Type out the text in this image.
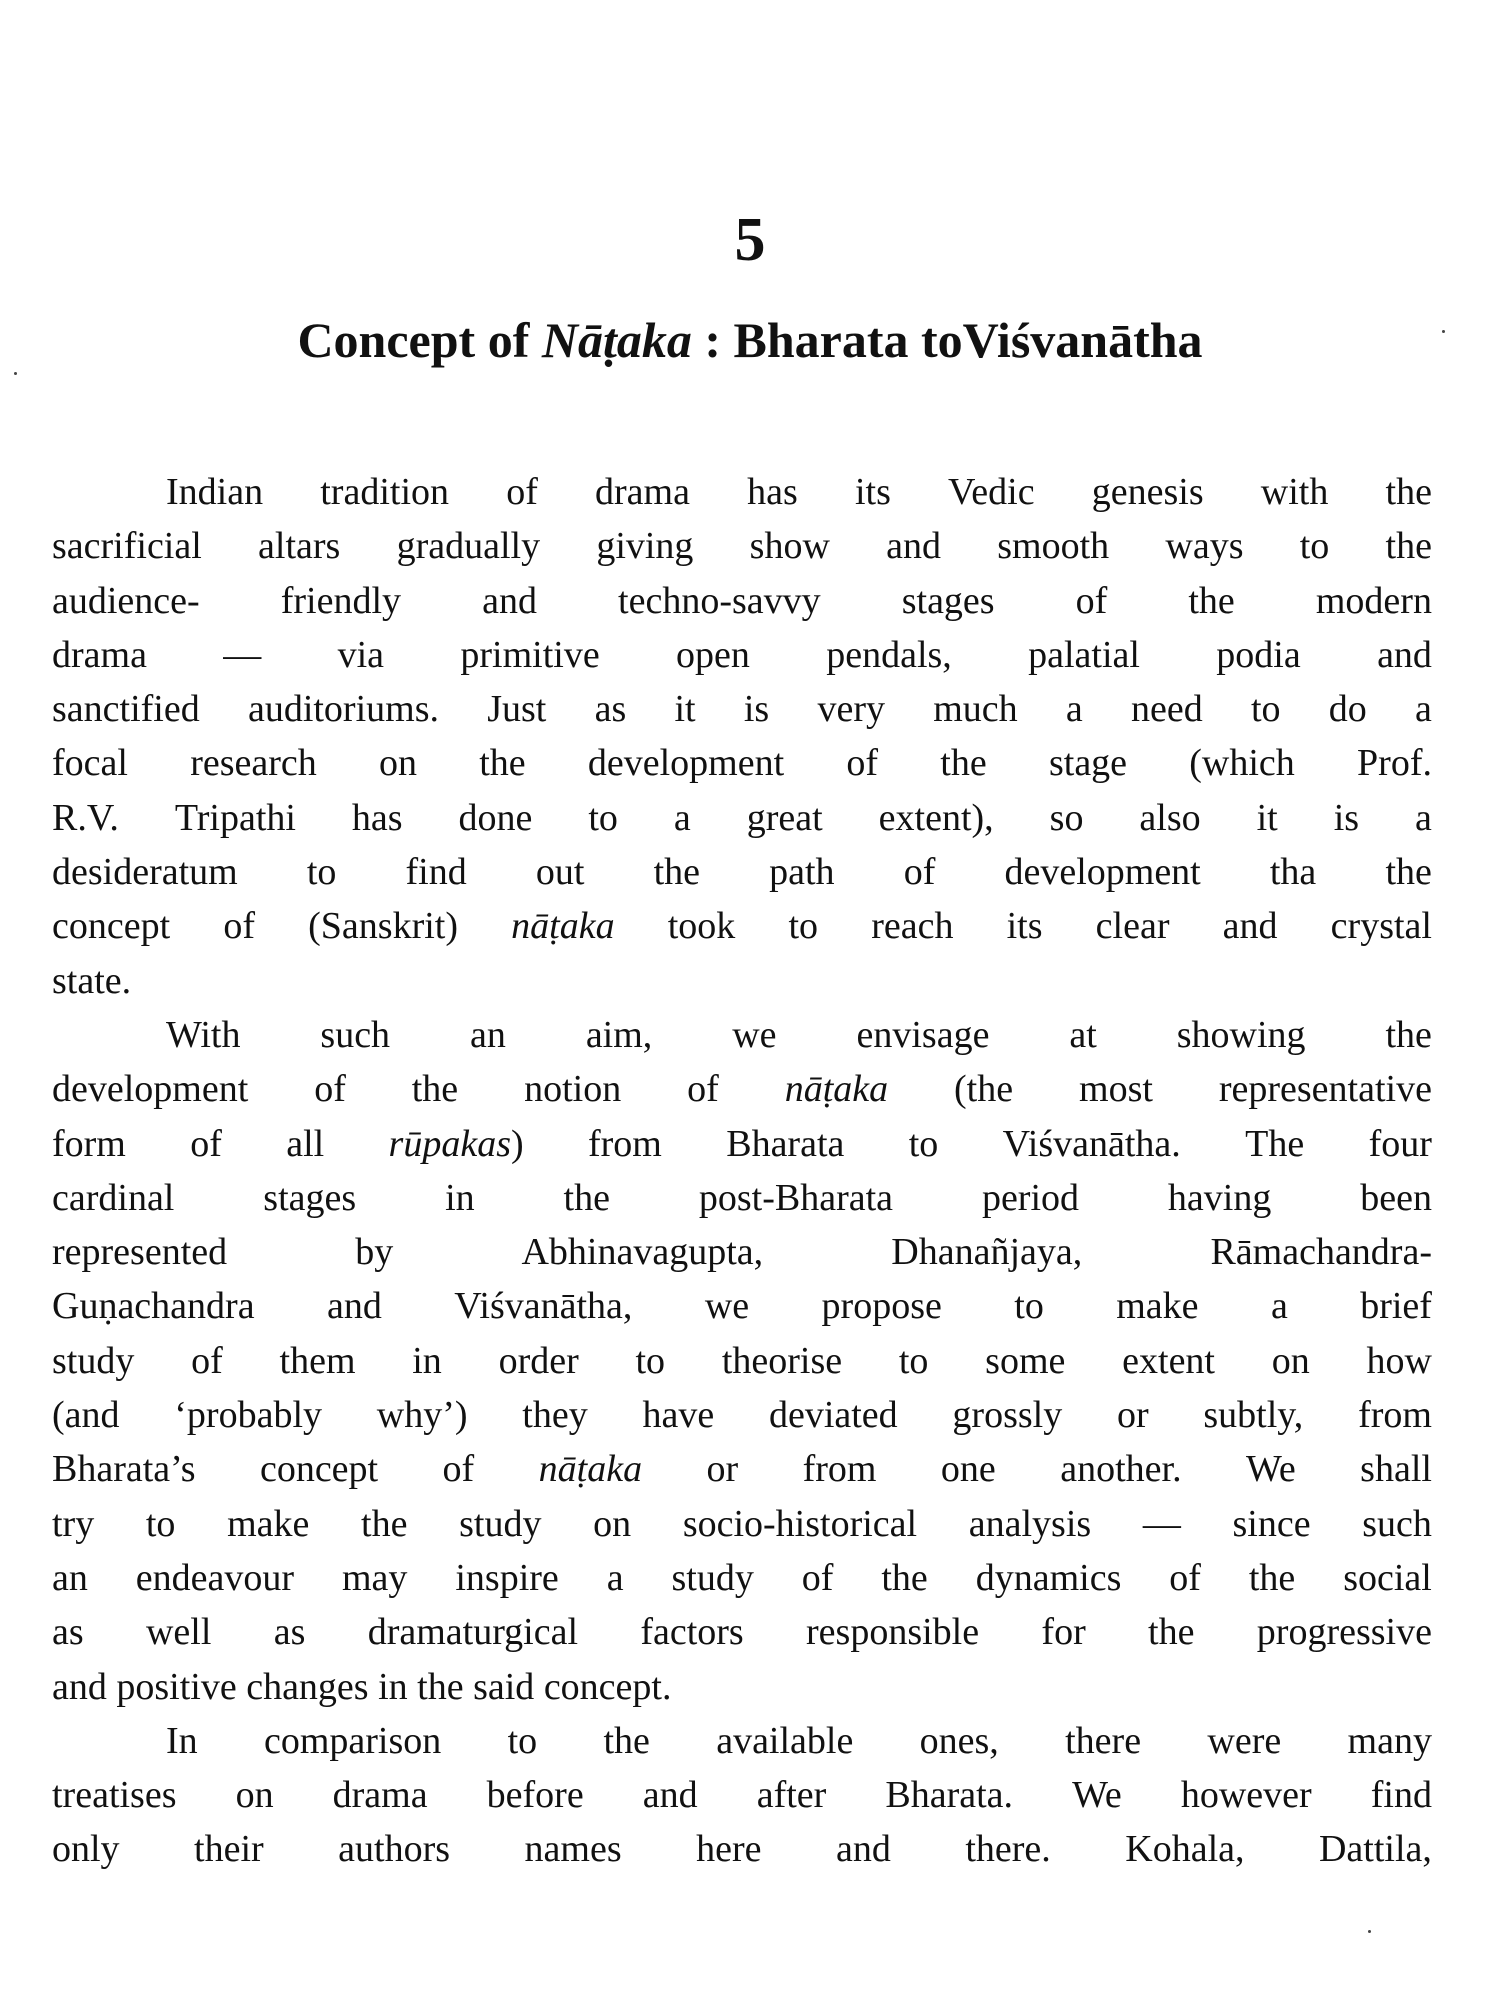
5
Concept of Nāṭaka : Bharata toViśvanātha
Indian tradition of drama has its Vedic genesis with the
sacrificial altars gradually giving show and smooth ways to the
audience- friendly and techno-savvy stages of the modern
drama — via primitive open pendals, palatial podia and
sanctified auditoriums. Just as it is very much a need to do a
focal research on the development of the stage (which Prof.
R.V. Tripathi has done to a great extent), so also it is a
desideratum to find out the path of development tha the
concept of (Sanskrit) nāṭaka took to reach its clear and crystal
state.
With such an aim, we envisage at showing the
development of the notion of nāṭaka (the most representative
form of all rūpakas) from Bharata to Viśvanātha. The four
cardinal stages in the post-Bharata period having been
represented	by	Abhinavagupta,	Dhanañjaya,	Rāmachandra-
Guṇachandra and Viśvanātha, we propose to make a brief
study of them in order to theorise to some extent on how
(and ‘probably why’) they have deviated grossly or subtly, from
Bharata’s concept of nāṭaka or from one another. We shall
try to make the study on socio-historical analysis — since such
an endeavour may inspire a study of the dynamics of the social
as well as dramaturgical factors responsible for the progressive
and positive changes in the said concept.
In comparison to the available ones, there were many
treatises on drama before and after Bharata. We however find
only their authors names here and there. Kohala, Dattila,
